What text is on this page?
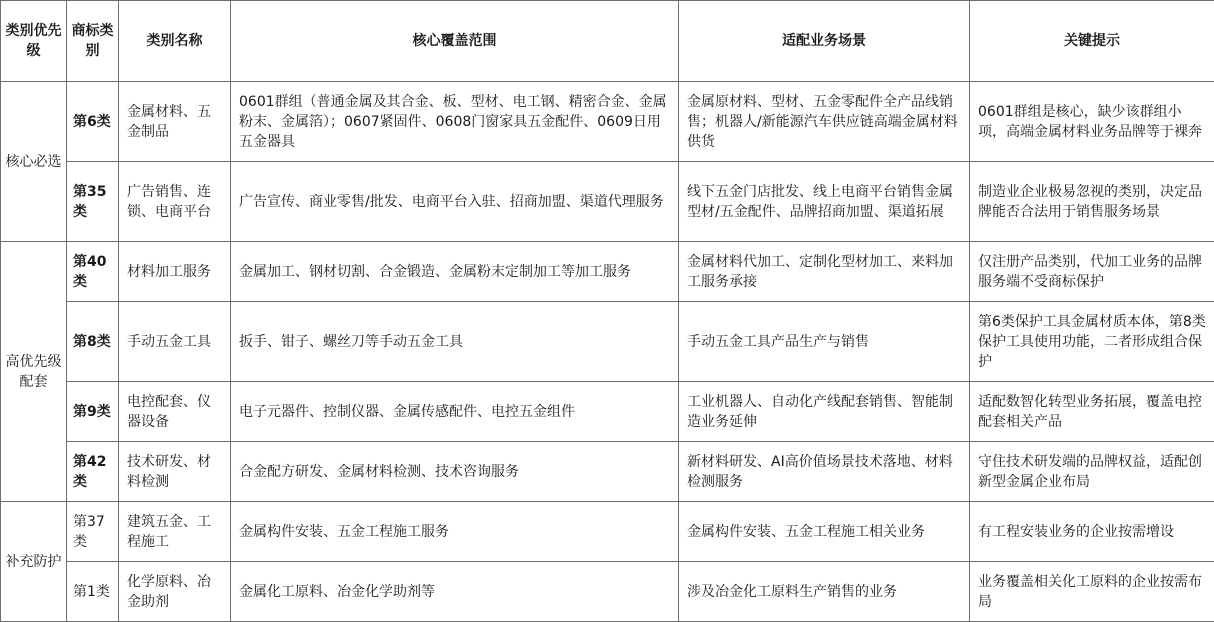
类别优先级	商标类别	类别名称	核心覆盖范围	适配业务场景	关键提示
核心必选	第6类	金属材料、五金制品	0601群组（普通金属及其合金、板、型材、电工钢、精密合金、金属粉末、金属箔）；0607紧固件、0608门窗家具五金配件、0609日用五金器具	金属原材料、型材、五金零配件全产品线销售；机器人/新能源汽车供应链高端金属材料供货	0601群组是核心，缺少该群组小项，高端金属材料业务品牌等于裸奔
	第35类	广告销售、连锁、电商平台	广告宣传、商业零售/批发、电商平台入驻、招商加盟、渠道代理服务	线下五金门店批发、线上电商平台销售金属型材/五金配件、品牌招商加盟、渠道拓展	制造业企业极易忽视的类别，决定品牌能否合法用于销售服务场景
高优先级配套	第40类	材料加工服务	金属加工、钢材切割、合金锻造、金属粉末定制加工等加工服务	金属材料代加工、定制化型材加工、来料加工服务承接	仅注册产品类别，代加工业务的品牌服务端不受商标保护
	第8类	手动五金工具	扳手、钳子、螺丝刀等手动五金工具	手动五金工具产品生产与销售	第6类保护工具金属材质本体，第8类保护工具使用功能，二者形成组合保护
	第9类	电控配套、仪器设备	电子元器件、控制仪器、金属传感配件、电控五金组件	工业机器人、自动化产线配套销售、智能制造业务延伸	适配数智化转型业务拓展，覆盖电控配套相关产品
	第42类	技术研发、材料检测	合金配方研发、金属材料检测、技术咨询服务	新材料研发、AI高价值场景技术落地、材料检测服务	守住技术研发端的品牌权益，适配创新型金属企业布局
补充防护	第37类	建筑五金、工程施工	金属构件安装、五金工程施工服务	金属构件安装、五金工程施工相关业务	有工程安装业务的企业按需增设
	第1类	化学原料、冶金助剂	金属化工原料、冶金化学助剂等	涉及冶金化工原料生产销售的业务	业务覆盖相关化工原料的企业按需布局
